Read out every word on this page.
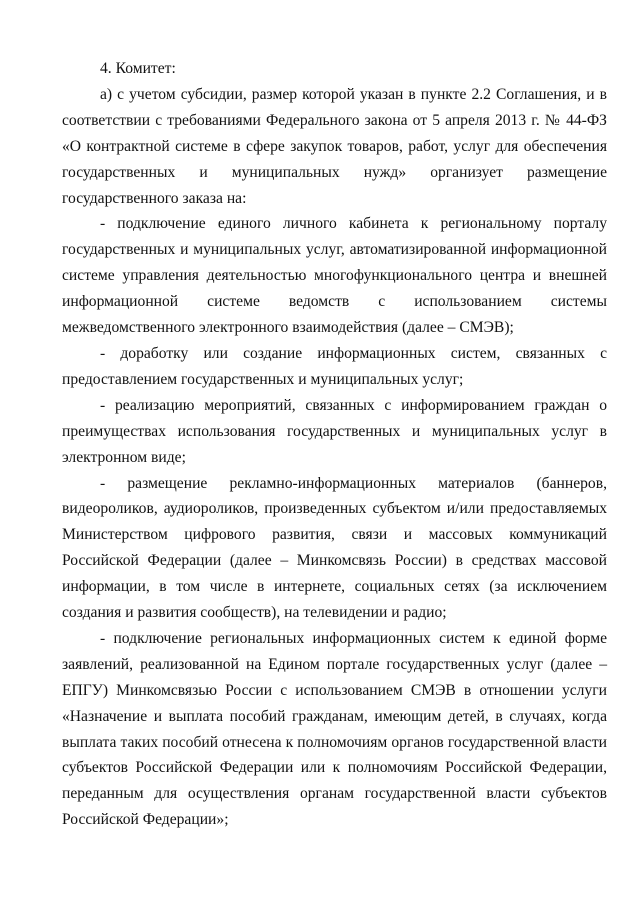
4. Комитет:

а) с учетом субсидии, размер которой указан в пункте 2.2 Соглашения, и в соответствии с требованиями Федерального закона от 5 апреля 2013 г. № 44-ФЗ «О контрактной системе в сфере закупок товаров, работ, услуг для обеспечения государственных и муниципальных нужд» организует размещение государственного заказа на:

- подключение единого личного кабинета к региональному порталу государственных и муниципальных услуг, автоматизированной информационной системе управления деятельностью многофункционального центра и внешней информационной системе ведомств с использованием системы межведомственного электронного взаимодействия (далее – СМЭВ);

- доработку или создание информационных систем, связанных с предоставлением государственных и муниципальных услуг;

- реализацию мероприятий, связанных с информированием граждан о преимуществах использования государственных и муниципальных услуг в электронном виде;

- размещение рекламно-информационных материалов (баннеров, видеороликов, аудиороликов, произведенных субъектом и/или предоставляемых Министерством цифрового развития, связи и массовых коммуникаций Российской Федерации (далее – Минкомсвязь России) в средствах массовой информации, в том числе в интернете, социальных сетях (за исключением создания и развития сообществ), на телевидении и радио;

- подключение региональных информационных систем к единой форме заявлений, реализованной на Едином портале государственных услуг (далее – ЕПГУ) Минкомсвязью России с использованием СМЭВ в отношении услуги «Назначение и выплата пособий гражданам, имеющим детей, в случаях, когда выплата таких пособий отнесена к полномочиям органов государственной власти субъектов Российской Федерации или к полномочиям Российской Федерации, переданным для осуществления органам государственной власти субъектов Российской Федерации»;
